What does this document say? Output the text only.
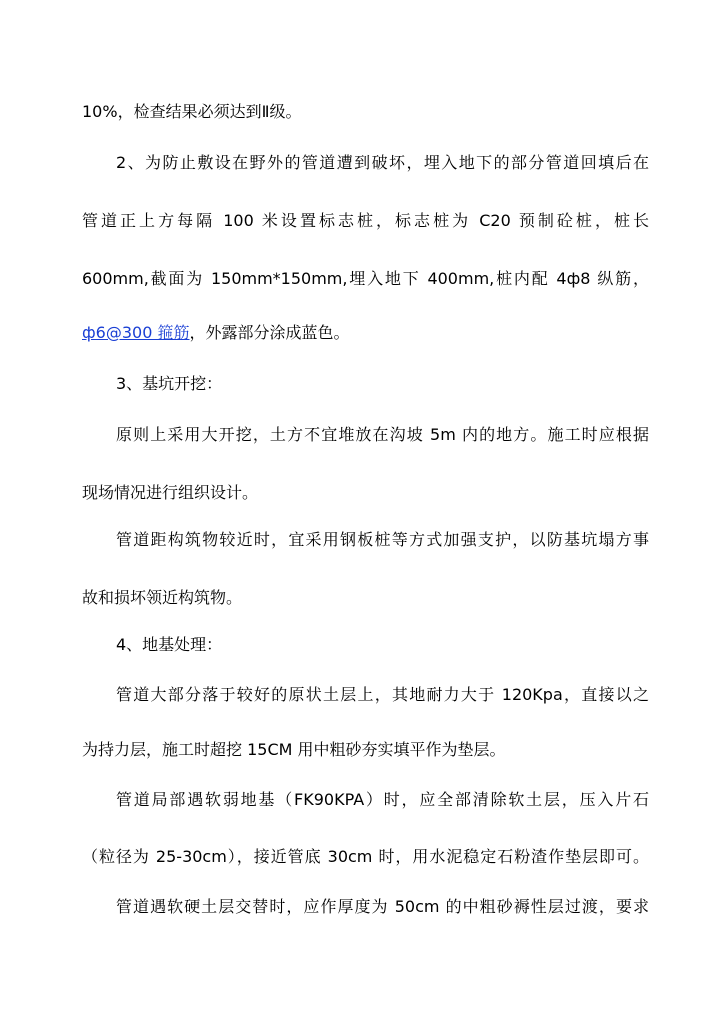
10%，检查结果必须达到Ⅱ级。
2、为防止敷设在野外的管道遭到破坏，埋入地下的部分管道回填后在
管道正上方每隔 100 米设置标志桩，标志桩为 C20 预制砼桩，桩长
600mm,截面为 150mm*150mm,埋入地下 400mm,桩内配 4ф8 纵筋，
ф6@300 箍筋，外露部分涂成蓝色。
3、基坑开挖：
原则上采用大开挖，土方不宜堆放在沟坡 5m 内的地方。施工时应根据
现场情况进行组织设计。
管道距构筑物较近时，宜采用钢板桩等方式加强支护，以防基坑塌方事
故和损坏领近构筑物。
4、地基处理：
管道大部分落于较好的原状土层上，其地耐力大于 120Kpa，直接以之
为持力层，施工时超挖 15CM 用中粗砂夯实填平作为垫层。
管道局部遇软弱地基（FK90KPA）时，应全部清除软土层，压入片石
（粒径为 25-30cm），接近管底 30cm 时，用水泥稳定石粉渣作垫层即可。
管道遇软硬土层交替时，应作厚度为 50cm 的中粗砂褥性层过渡，要求
